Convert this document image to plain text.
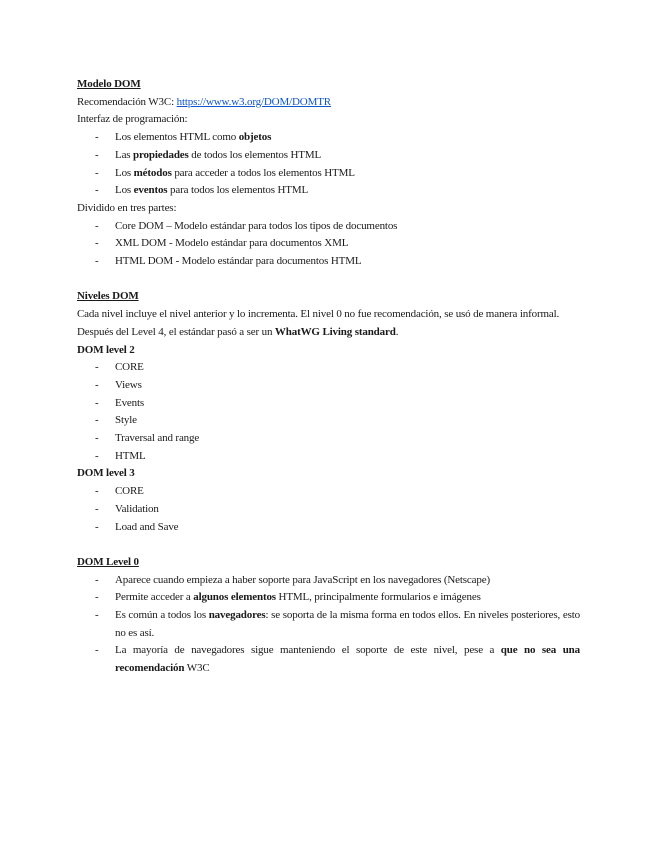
Modelo DOM

Recomendación W3C: https://www.w3.org/DOM/DOMTR

Interfaz de programación:

- Los elementos HTML como objetos
- Las propiedades de todos los elementos HTML
- Los métodos para acceder a todos los elementos HTML
- Los eventos para todos los elementos HTML

Dividido en tres partes:

- Core DOM – Modelo estándar para todos los tipos de documentos
- XML DOM - Modelo estándar para documentos XML
- HTML DOM - Modelo estándar para documentos HTML

Niveles DOM

Cada nivel incluye el nivel anterior y lo incrementa. El nivel 0 no fue recomendación, se usó de manera informal.

Después del Level 4, el estándar pasó a ser un WhatWG Living standard.

DOM level 2

- CORE
- Views
- Events
- Style
- Traversal and range
- HTML

DOM level 3

- CORE
- Validation
- Load and Save

DOM Level 0

- Aparece cuando empieza a haber soporte para JavaScript en los navegadores (Netscape)
- Permite acceder a algunos elementos HTML, principalmente formularios e imágenes
- Es común a todos los navegadores: se soporta de la misma forma en todos ellos. En niveles posteriores, esto no es así.
- La mayoría de navegadores sigue manteniendo el soporte de este nivel, pese a que no sea una recomendación W3C
